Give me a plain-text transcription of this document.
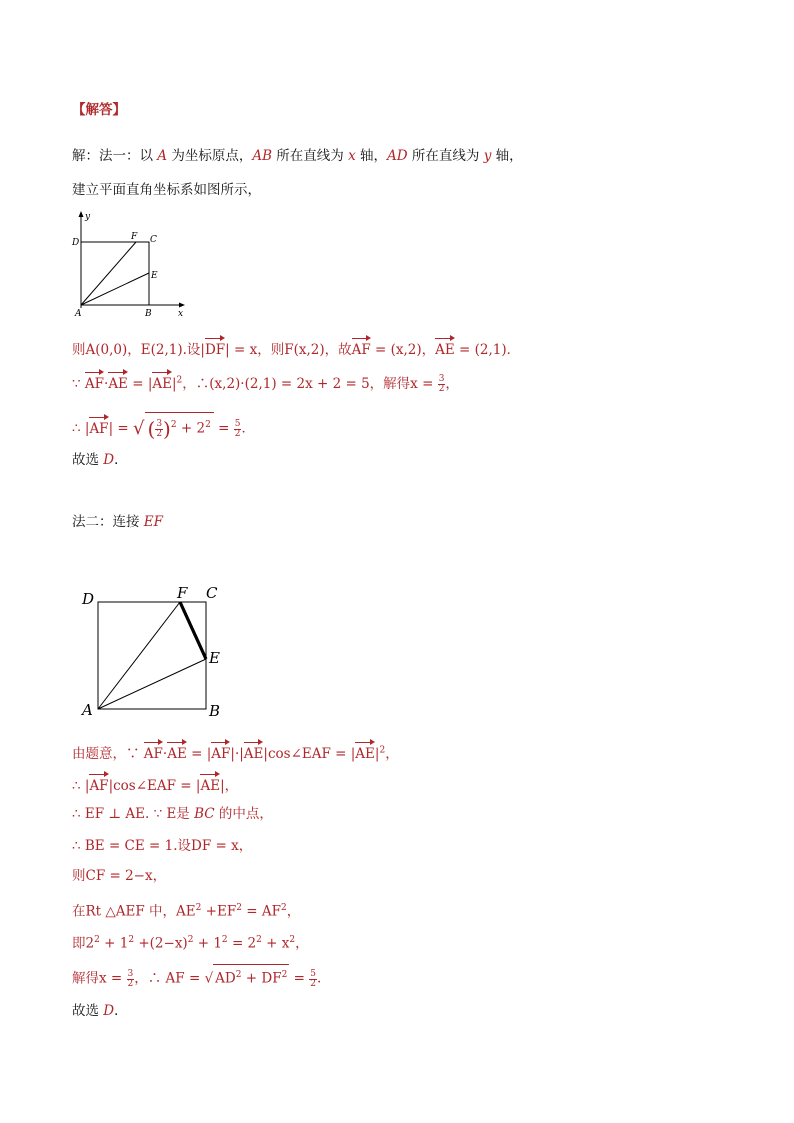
【解答】
解：法一：以 A 为坐标原点，AB 所在直线为 x 轴，AD 所在直线为 y 轴，
建立平面直角坐标系如图所示，
y
x
D
F C
E
A	B
则A(0,0)，E(2,1).设|DF| = x，则F(x,2)，故AF = (x,2)，AE = (2,1)．
∵ $AF\cdot AE = |AE|^2$，∴(x,2)·(2,1) = 2x + 2 = 5，解得$x = \frac{3}{2}$ ，
∴ |AF| = √ ( $\frac{3}{2} )^2 + 2^2 = \frac{5}{2}$ ．
故选 D．
法二：连接 EF
D	F C
E
A	B
由题意，∵ AF·AE = |AF|·|AE|cos∠EAF = $|AE|^2$，
∴ |AF|cos∠EAF = |AE|，
∴ EF ⊥ AE. ∵ E是 BC 的中点，
∴ BE = CE = 1.设DF = x，
则CF = 2−x，
在Rt △AEF 中，$AE^2 +EF^2 = AF^2$，
即$2^2 + 1^2 +(2-x)^2 + 1^2 = 2^2 + x^2$，
解得$x = \frac{3}{2}$ ，∴ AF = √ $AD^2 + DF^2 = \frac{5}{2}$ .
故选 D．
